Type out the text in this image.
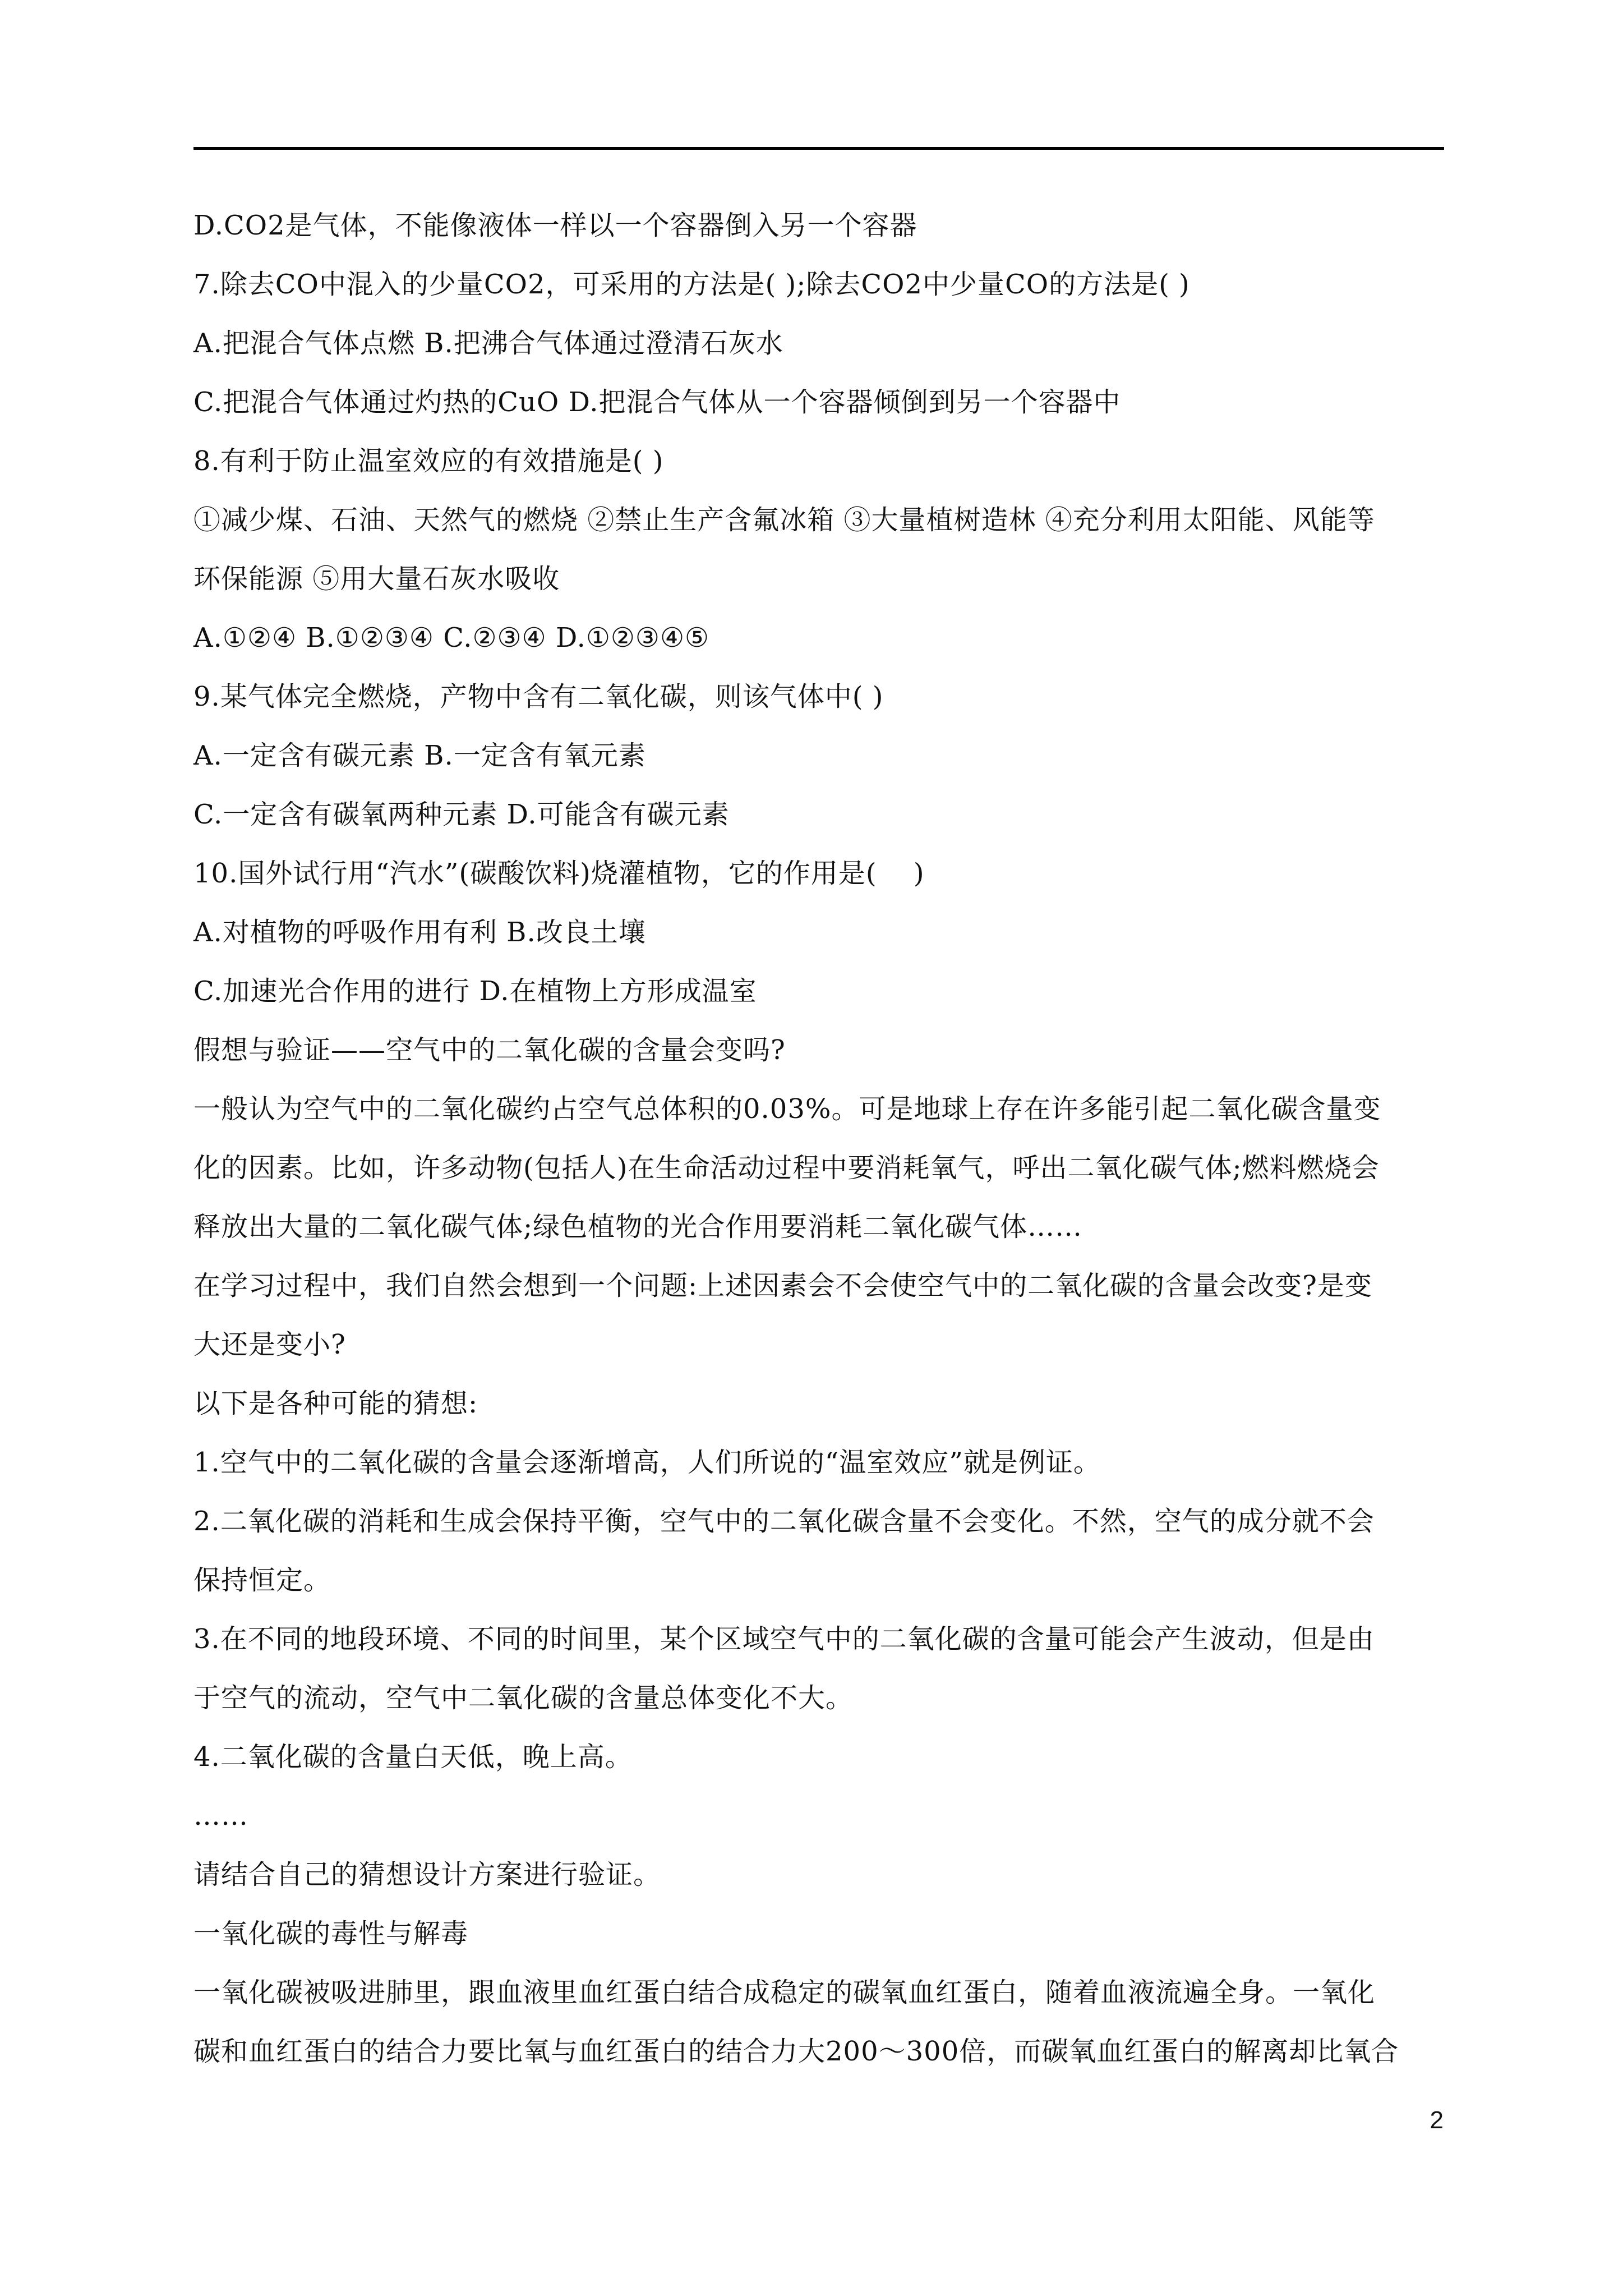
D.CO2是气体，不能像液体一样以一个容器倒入另一个容器
7.除去CO中混入的少量CO2，可采用的方法是( );除去CO2中少量CO的方法是( )
A.把混合气体点燃 B.把沸合气体通过澄清石灰水
C.把混合气体通过灼热的CuO D.把混合气体从一个容器倾倒到另一个容器中
8.有利于防止温室效应的有效措施是( )
①减少煤、石油、天然气的燃烧 ②禁止生产含氟冰箱 ③大量植树造林 ④充分利用太阳能、风能等
环保能源 ⑤用大量石灰水吸收
A.①②④ B.①②③④ C.②③④ D.①②③④⑤
9.某气体完全燃烧，产物中含有二氧化碳，则该气体中( )
A.一定含有碳元素 B.一定含有氧元素
C.一定含有碳氧两种元素 D.可能含有碳元素
10.国外试行用“汽水”(碳酸饮料)烧灌植物，它的作用是(　 )
A.对植物的呼吸作用有利 B.改良土壤
C.加速光合作用的进行 D.在植物上方形成温室
假想与验证——空气中的二氧化碳的含量会变吗?
一般认为空气中的二氧化碳约占空气总体积的0.03%。可是地球上存在许多能引起二氧化碳含量变
化的因素。比如，许多动物(包括人)在生命活动过程中要消耗氧气，呼出二氧化碳气体;燃料燃烧会
释放出大量的二氧化碳气体;绿色植物的光合作用要消耗二氧化碳气体……
在学习过程中，我们自然会想到一个问题:上述因素会不会使空气中的二氧化碳的含量会改变?是变
大还是变小?
以下是各种可能的猜想:
1.空气中的二氧化碳的含量会逐渐增高，人们所说的“温室效应”就是例证。
2.二氧化碳的消耗和生成会保持平衡，空气中的二氧化碳含量不会变化。不然，空气的成分就不会
保持恒定。
3.在不同的地段环境、不同的时间里，某个区域空气中的二氧化碳的含量可能会产生波动，但是由
于空气的流动，空气中二氧化碳的含量总体变化不大。
4.二氧化碳的含量白天低，晚上高。
……
请结合自己的猜想设计方案进行验证。
一氧化碳的毒性与解毒
一氧化碳被吸进肺里，跟血液里血红蛋白结合成稳定的碳氧血红蛋白，随着血液流遍全身。一氧化
碳和血红蛋白的结合力要比氧与血红蛋白的结合力大200～300倍，而碳氧血红蛋白的解离却比氧合
2
